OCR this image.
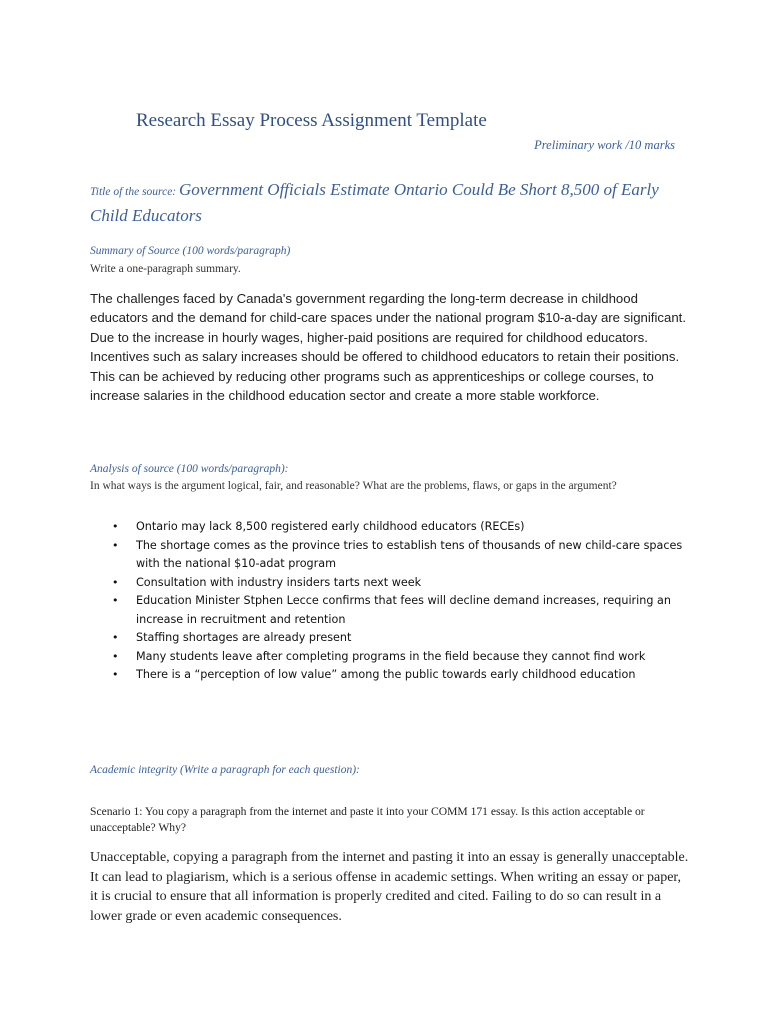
Research Essay Process Assignment Template
Preliminary work /10 marks
Title of the source: Government Officials Estimate Ontario Could Be Short 8,500 of Early Child Educators
Summary of Source (100 words/paragraph)
Write a one-paragraph summary.
The challenges faced by Canada's government regarding the long-term decrease in childhood educators and the demand for child-care spaces under the national program $10-a-day are significant. Due to the increase in hourly wages, higher-paid positions are required for childhood educators. Incentives such as salary increases should be offered to childhood educators to retain their positions. This can be achieved by reducing other programs such as apprenticeships or college courses, to increase salaries in the childhood education sector and create a more stable workforce.
Analysis of source (100 words/paragraph):
In what ways is the argument logical, fair, and reasonable? What are the problems, flaws, or gaps in the argument?
• Ontario may lack 8,500 registered early childhood educators (RECEs)
• The shortage comes as the province tries to establish tens of thousands of new child-care spaces with the national $10-adat program
• Consultation with industry insiders tarts next week
• Education Minister Stphen Lecce confirms that fees will decline demand increases, requiring an increase in recruitment and retention
• Staffing shortages are already present
• Many students leave after completing programs in the field because they cannot find work
• There is a “perception of low value” among the public towards early childhood education
Academic integrity (Write a paragraph for each question):
Scenario 1: You copy a paragraph from the internet and paste it into your COMM 171 essay. Is this action acceptable or unacceptable? Why?
Unacceptable, copying a paragraph from the internet and pasting it into an essay is generally unacceptable. It can lead to plagiarism, which is a serious offense in academic settings. When writing an essay or paper, it is crucial to ensure that all information is properly credited and cited. Failing to do so can result in a lower grade or even academic consequences.
